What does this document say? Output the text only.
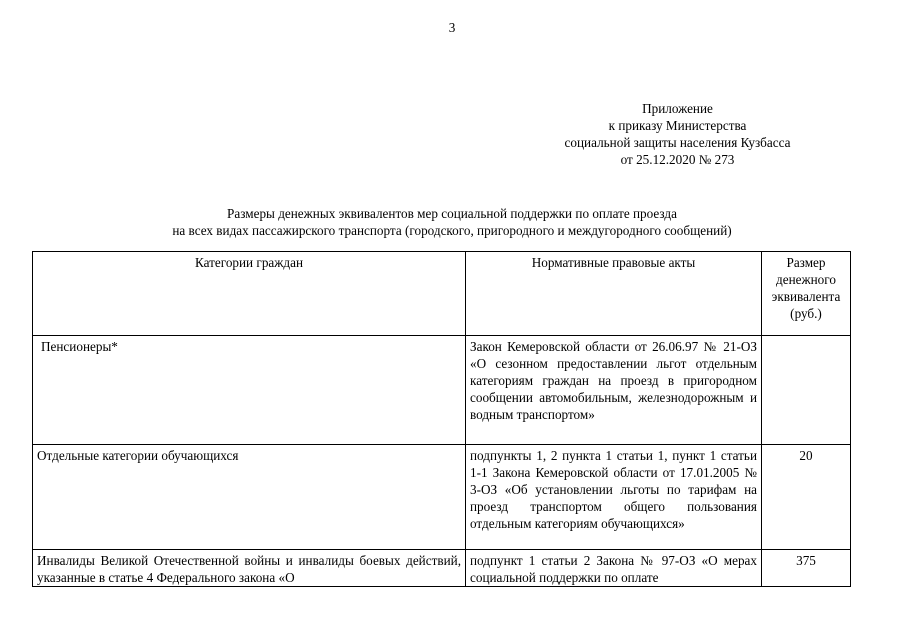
3
Приложение
к приказу Министерства
социальной защиты населения Кузбасса
от 25.12.2020 № 273
Размеры денежных эквивалентов мер социальной поддержки по оплате проезда
на всех видах пассажирского транспорта (городского, пригородного и междугородного сообщений)
Категории граждан	Нормативные правовые акты	Размер денежного эквивалента (руб.)
Пенсионеры*	Закон Кемеровской области от 26.06.97 № 21-ОЗ «О сезонном предоставлении льгот отдельным категориям граждан на проезд в пригородном сообщении автомобильным, железнодорожным и водным транспортом»	
Отдельные категории обучающихся	подпункты 1, 2 пункта 1 статьи 1, пункт 1 статьи 1-1 Закона Кемеровской области от 17.01.2005 № 3-ОЗ «Об установлении льготы по тарифам на проезд транспортом общего пользования отдельным категориям обучающихся»	20
Инвалиды Великой Отечественной войны и инвалиды боевых действий, указанные в статье 4 Федерального закона «О	подпункт 1 статьи 2 Закона № 97-ОЗ «О мерах социальной поддержки по оплате	375
